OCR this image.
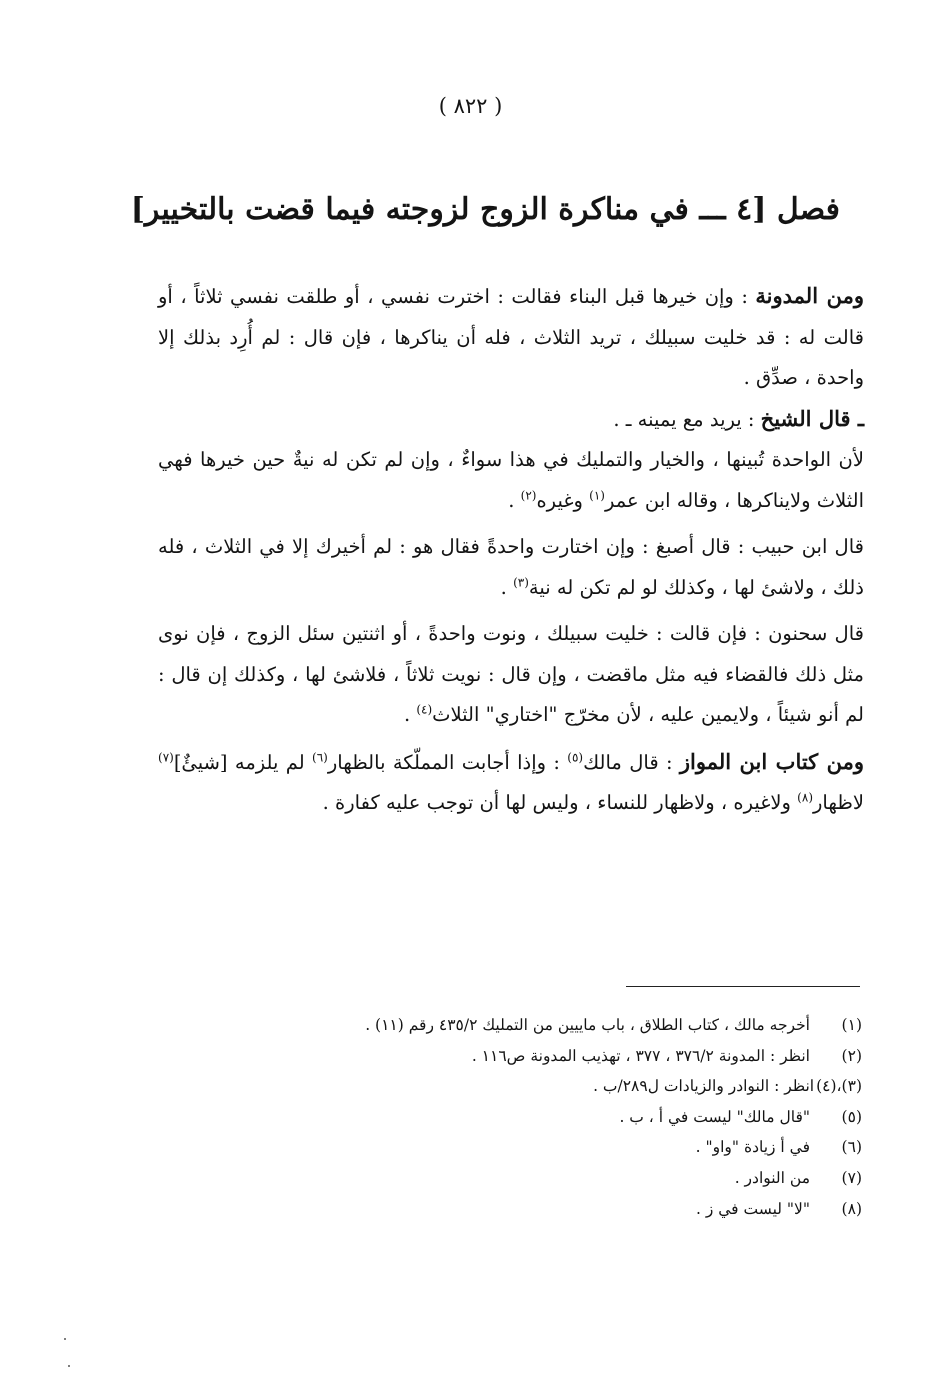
( ٨٢٢ )
فصل [٤ ـــ في مناكرة الزوج لزوجته فيما قضت بالتخيير]

ومن المدونة : وإن خيرها قبل البناء فقالت : اخترت نفسي ، أو طلقت نفسي ثلاثاً ، أو قالت له : قد خليت سبيلك ، تريد الثلاث ، فله أن يناكرها ، فإن قال : لم أُرِد بذلك إلا واحدة ، صدِّق .

ـ قال الشيخ : يريد مع يمينه ـ .

لأن الواحدة تُبينها ، والخيار والتمليك في هذا سواءٌ ، وإن لم تكن له نيةٌ حين خيرها فهي الثلاث ولايناكرها ، وقاله ابن عمر$^{(١)}$ وغيره$^{(٢)}$ .

قال ابن حبيب : قال أصبغ : وإن اختارت واحدةً فقال هو : لم أخيرك إلا في الثلاث ، فله ذلك ، ولاشئ لها ، وكذلك لو لم تكن له نية$^{(٣)}$ .

قال سحنون : فإن قالت : خليت سبيلك ، ونوت واحدةً ، أو اثنتين سئل الزوج ، فإن نوى مثل ذلك فالقضاء فيه مثل ماقضت ، وإن قال : نويت ثلاثاً ، فلاشئ لها ، وكذلك إن قال : لم أنو شيئاً ، ولايمين عليه ، لأن مخرّج "اختاري" الثلاث$^{(٤)}$ .

ومن كتاب ابن المواز : قال مالك$^{(٥)}$ : وإذا أجابت المملّكة بالظهار$^{(٦)}$ لم يلزمه [شيئٌ]$^{(٧)}$ لاظهار$^{(٨)}$ ولاغيره ، ولاظهار للنساء ، وليس لها أن توجب عليه كفارة .

(١)
أخرجه مالك ، كتاب الطلاق ، باب ماييين من التمليك ٤٣٥/٢ رقم (١١) .
(٢)
انظر : المدونة ٣٧٦/٢ ، ٣٧٧ ، تهذيب المدونة ص١١٦ .
(٣)،(٤)
انظر : النوادر والزيادات ل٢٨٩/ب .
(٥)
"قال مالك" ليست في أ ، ب .
(٦)
في أ زيادة "واو" .
(٧)
من النوادر .
(٨)
"لا" ليست في ز .
